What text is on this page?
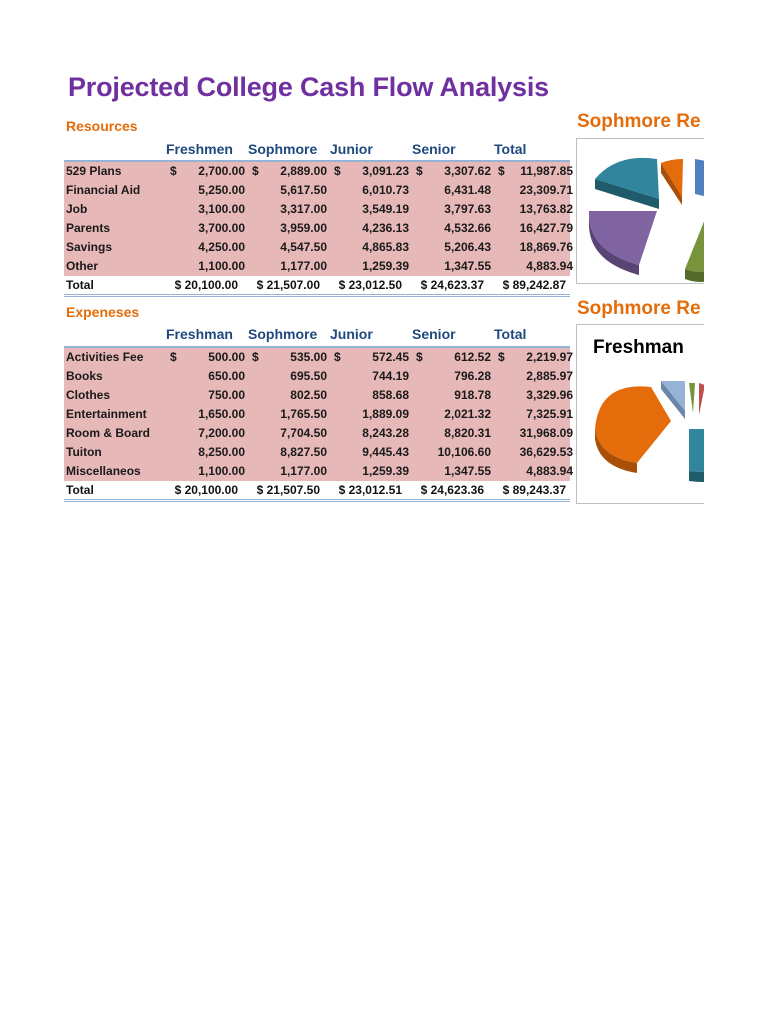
Projected College Cash Flow Analysis
Resources
Freshmen Sophmore Junior	Senior	Total
529 Plans	$ 2,700.00 $ 2,889.00 $ 3,091.23 $ 3,307.62 $ 11,987.85
Financial Aid	5,250.00	5,617.50	6,010.73	6,431.48 23,309.71
Job	3,100.00	3,317.00	3,549.19	3,797.63 13,763.82
Parents	3,700.00	3,959.00	4,236.13	4,532.66 16,427.79
Savings	4,250.00	4,547.50	4,865.83	5,206.43 18,869.76
Other	1,100.00	1,177.00	1,259.39	1,347.55	4,883.94
Total	$ 20,100.00 $ 21,507.00 $ 23,012.50 $ 24,623.37 $ 89,242.87
Expeneses
Freshman Sophmore Junior	Senior	Total
Activities Fee $	500.00 $	535.00 $	572.45 $	612.52 $ 2,219.97
Books	650.00	695.50	744.19	796.28	2,885.97
Clothes	750.00	802.50	858.68	918.78	3,329.96
Entertainment	1,650.00	1,765.50	1,889.09	2,021.32	7,325.91
Room & Board	7,200.00	7,704.50	8,243.28	8,820.31 31,968.09
Tuiton	8,250.00	8,827.50	9,445.43 10,106.60 36,629.53
Miscellaneos	1,100.00	1,177.00	1,259.39	1,347.55	4,883.94
Total	$ 20,100.00 $ 21,507.50 $ 23,012.51 $ 24,623.36 $ 89,243.37
Sophmore Re
Sophmore Re
Freshman
